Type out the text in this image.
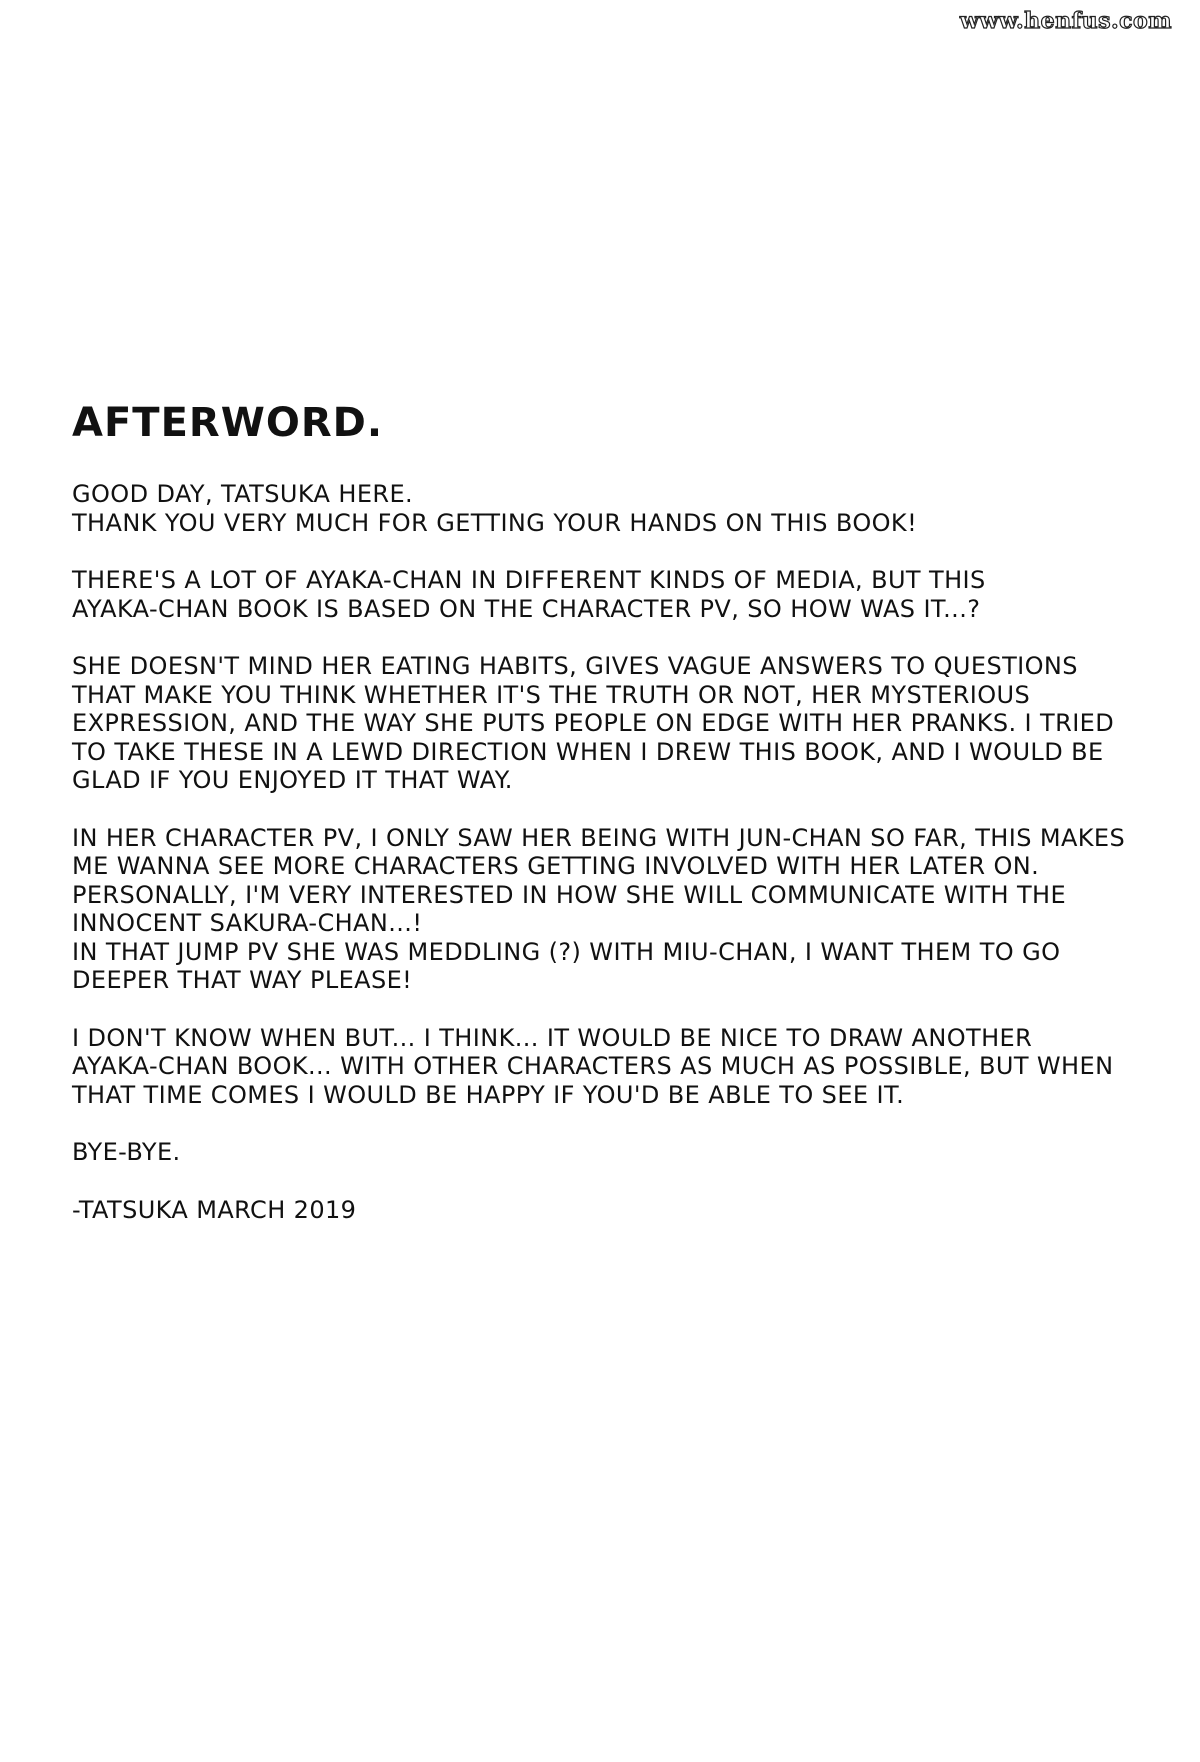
www.henfus.com
AFTERWORD.
GOOD DAY, TATSUKA HERE.
THANK YOU VERY MUCH FOR GETTING YOUR HANDS ON THIS BOOK!
THERE'S A LOT OF AYAKA-CHAN IN DIFFERENT KINDS OF MEDIA, BUT THIS
AYAKA-CHAN BOOK IS BASED ON THE CHARACTER PV, SO HOW WAS IT...?
SHE DOESN'T MIND HER EATING HABITS, GIVES VAGUE ANSWERS TO QUESTIONS
THAT MAKE YOU THINK WHETHER IT'S THE TRUTH OR NOT, HER MYSTERIOUS
EXPRESSION, AND THE WAY SHE PUTS PEOPLE ON EDGE WITH HER PRANKS. I TRIED
TO TAKE THESE IN A LEWD DIRECTION WHEN I DREW THIS BOOK, AND I WOULD BE
GLAD IF YOU ENJOYED IT THAT WAY.
IN HER CHARACTER PV, I ONLY SAW HER BEING WITH JUN-CHAN SO FAR, THIS MAKES
ME WANNA SEE MORE CHARACTERS GETTING INVOLVED WITH HER LATER ON.
PERSONALLY, I'M VERY INTERESTED IN HOW SHE WILL COMMUNICATE WITH THE
INNOCENT SAKURA-CHAN...!
IN THAT JUMP PV SHE WAS MEDDLING (?) WITH MIU-CHAN, I WANT THEM TO GO
DEEPER THAT WAY PLEASE!
I DON'T KNOW WHEN BUT... I THINK... IT WOULD BE NICE TO DRAW ANOTHER
AYAKA-CHAN BOOK... WITH OTHER CHARACTERS AS MUCH AS POSSIBLE, BUT WHEN
THAT TIME COMES I WOULD BE HAPPY IF YOU'D BE ABLE TO SEE IT.
BYE-BYE.
-TATSUKA MARCH 2019
